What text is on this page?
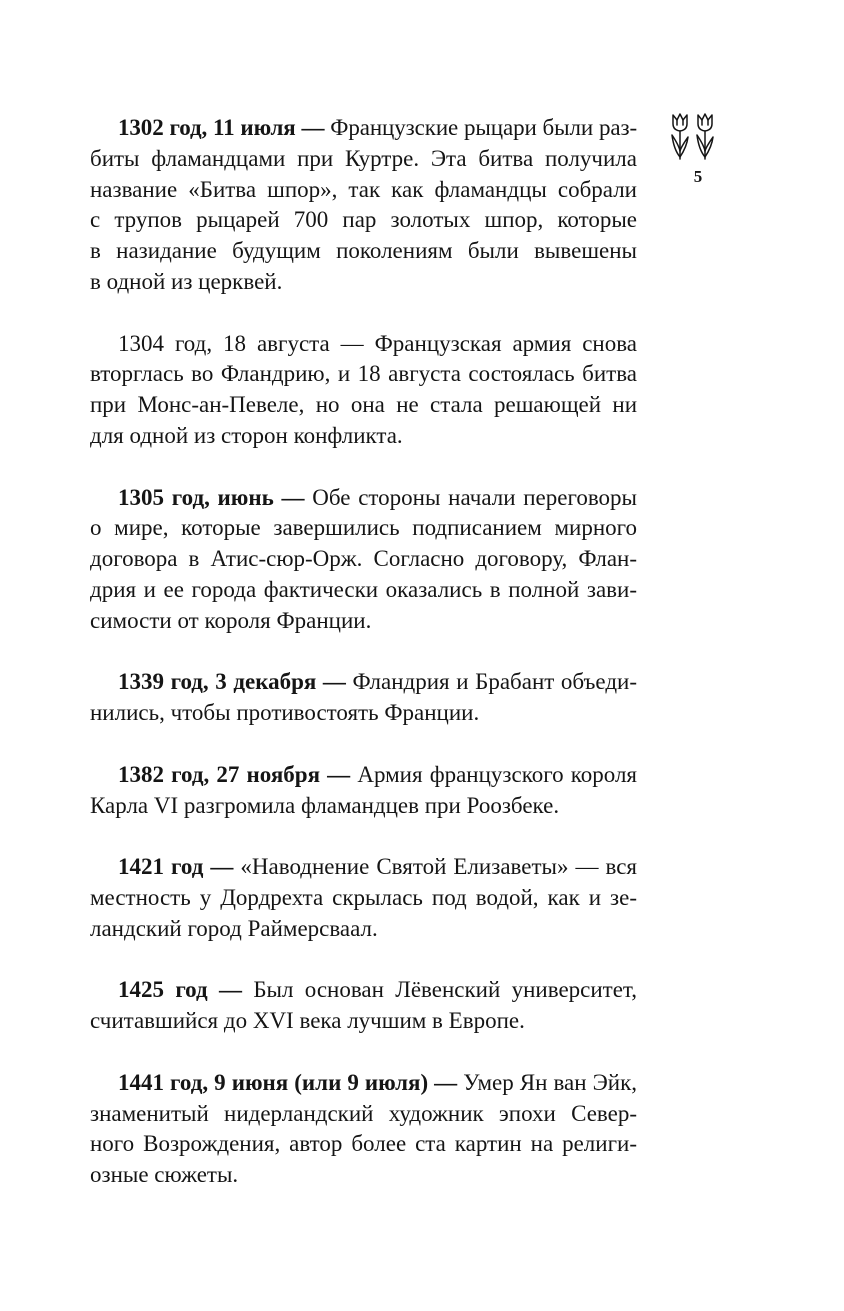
5
1302 год, 11 июля — Французские рыцари были раз-
биты фламандцами при Куртре. Эта битва получила
название «Битва шпор», так как фламандцы собрали
с трупов рыцарей 700 пар золотых шпор, которые
в назидание будущим поколениям были вывешены
в одной из церквей.
1304 год, 18 августа — Французская армия снова
вторглась во Фландрию, и 18 августа состоялась битва
при Монс-ан-Певеле, но она не стала решающей ни
для одной из сторон конфликта.
1305 год, июнь — Обе стороны начали переговоры
о мире, которые завершились подписанием мирного
договора в Атис-сюр-Орж. Согласно договору, Флан-
дрия и ее города фактически оказались в полной зави-
симости от короля Франции.
1339 год, 3 декабря — Фландрия и Брабант объеди-
нились, чтобы противостоять Франции.
1382 год, 27 ноября — Армия французского короля
Карла VI разгромила фламандцев при Роозбеке.
1421 год — «Наводнение Святой Елизаветы» — вся
местность у Дордрехта скрылась под водой, как и зе-
ландский город Раймерсваал.
1425 год — Был основан Лёвенский университет,
считавшийся до XVI века лучшим в Европе.
1441 год, 9 июня (или 9 июля) — Умер Ян ван Эйк,
знаменитый нидерландский художник эпохи Север-
ного Возрождения, автор более ста картин на религи-
озные сюжеты.
